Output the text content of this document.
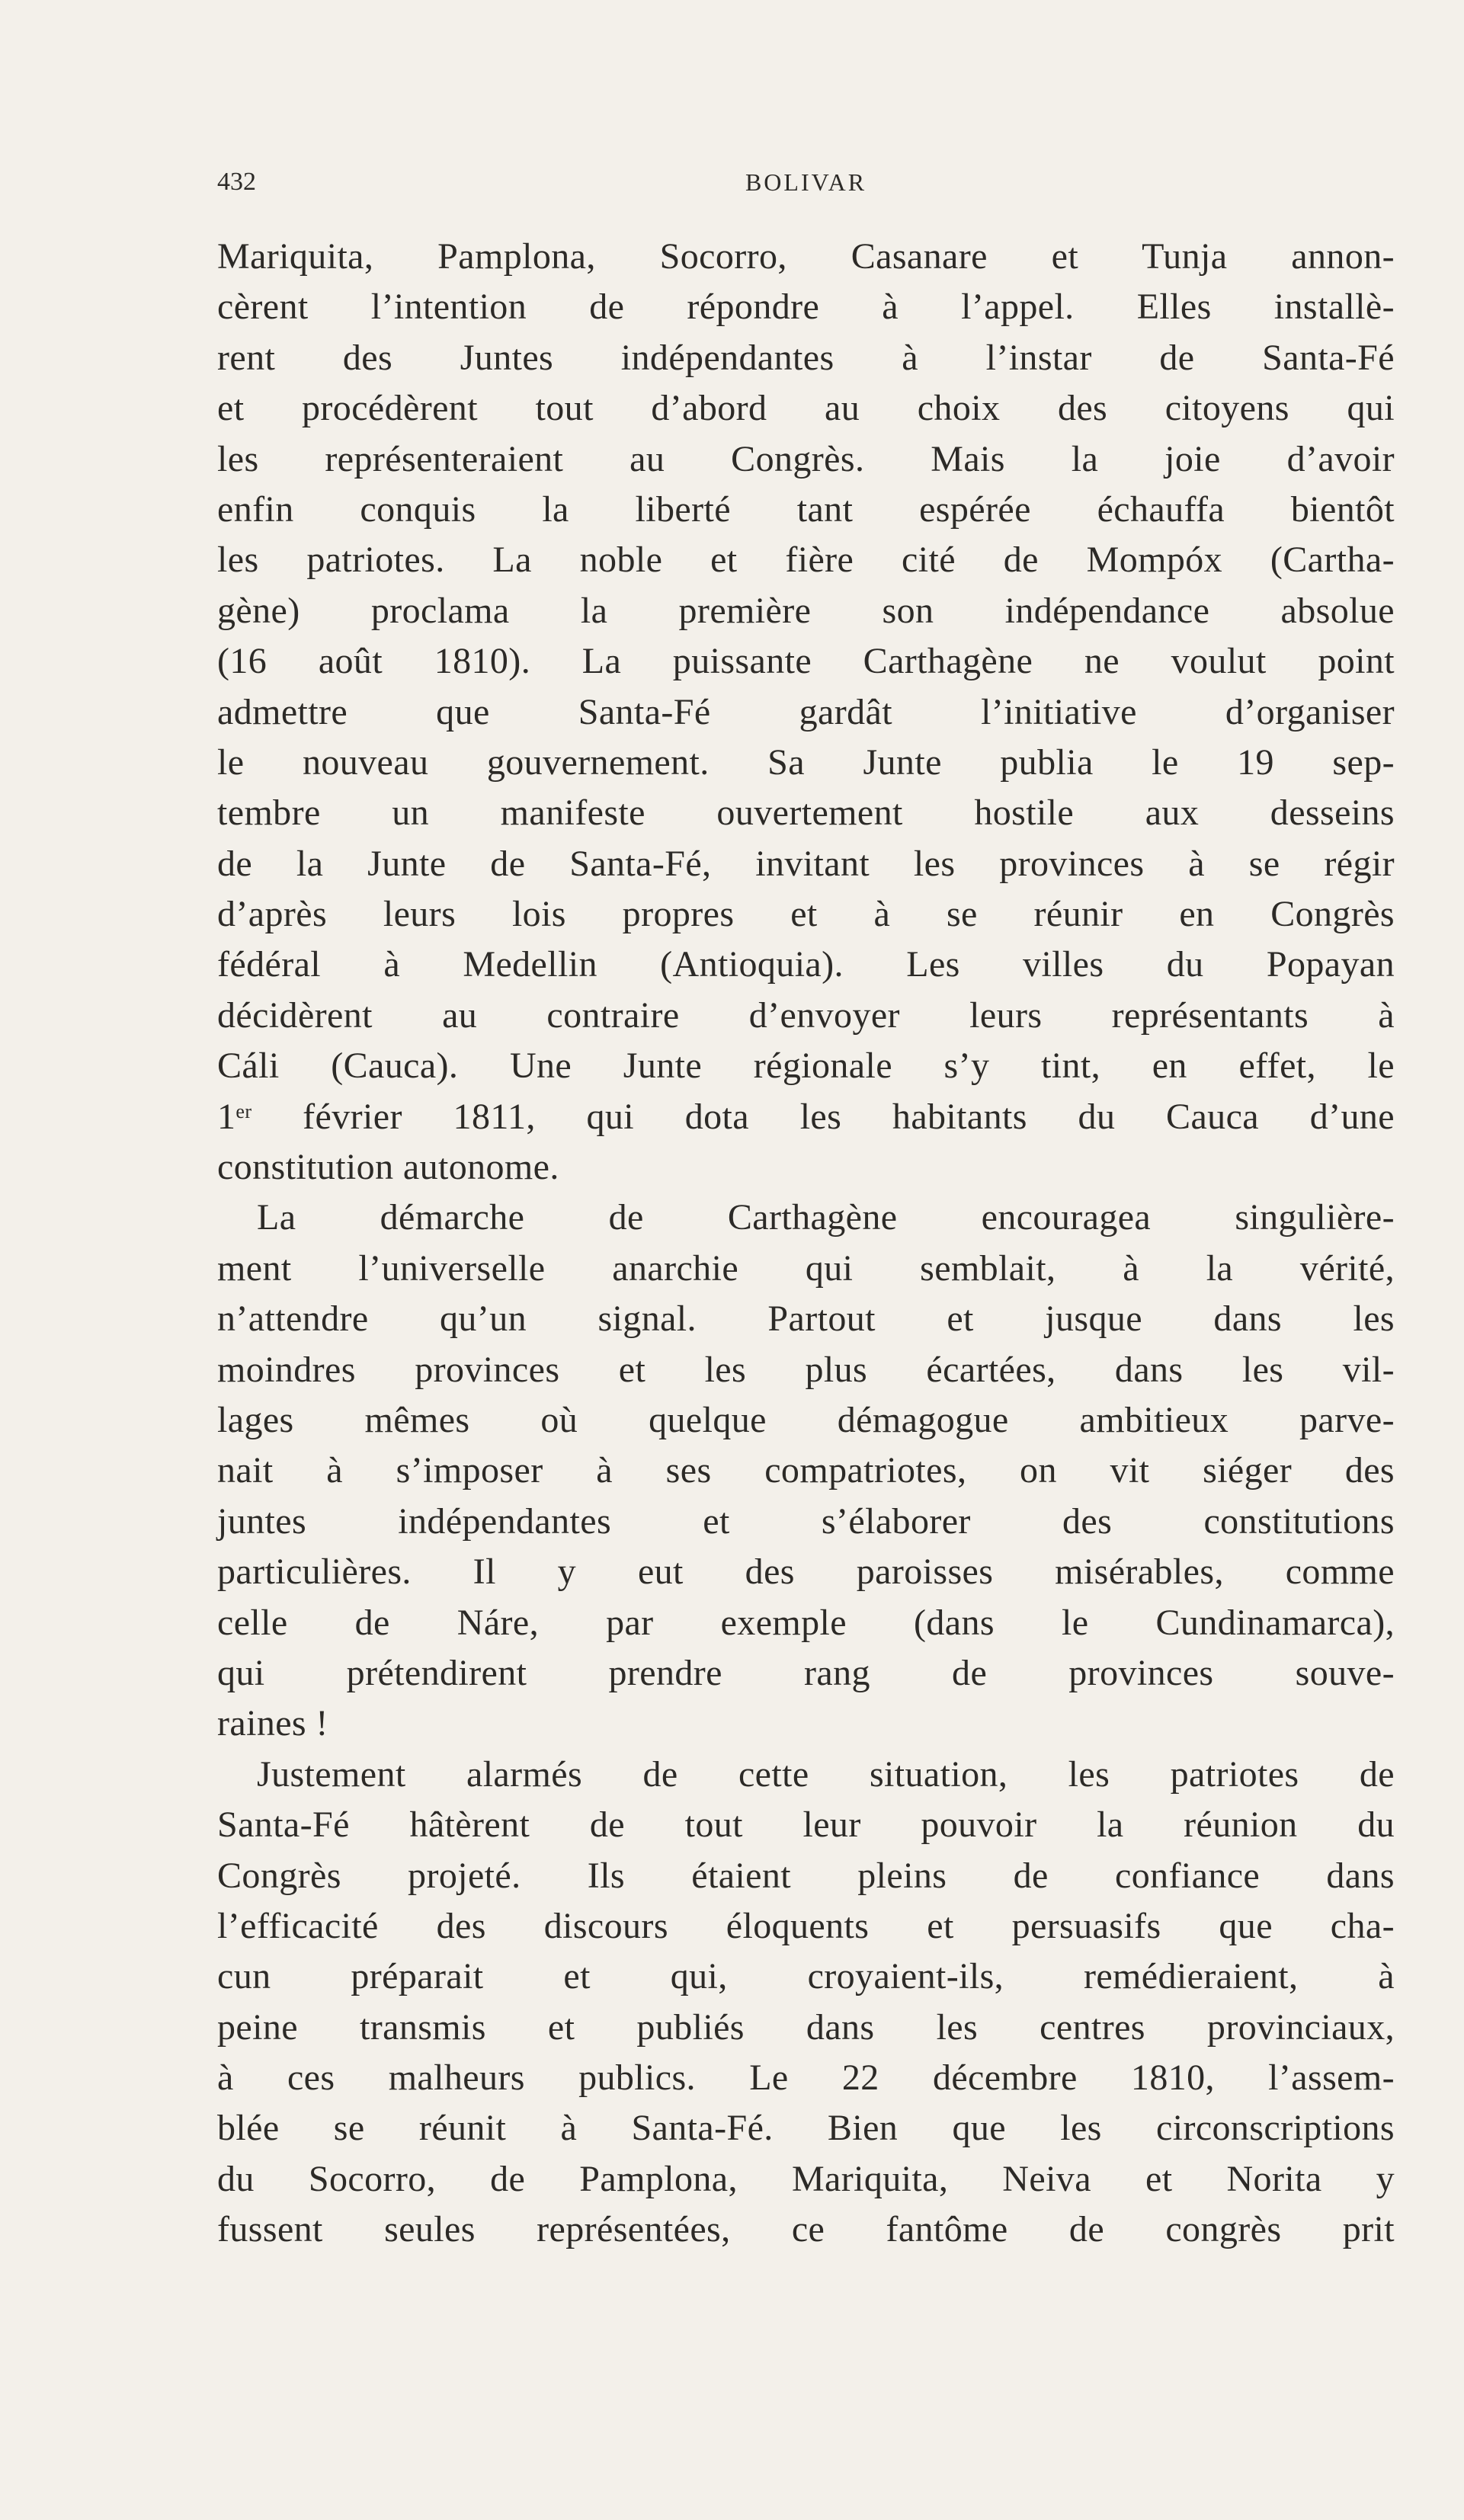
432	BOLIVAR
Mariquita, Pamplona, Socorro, Casanare et Tunja annon-
cèrent l’intention de répondre à l’appel. Elles installè-
rent des Juntes indépendantes à l’instar de Santa-Fé
et procédèrent tout d’abord au choix des citoyens qui
les représenteraient au Congrès. Mais la joie d’avoir
enfin conquis la liberté tant espérée échauffa bientôt
les patriotes. La noble et fière cité de Mompóx (Cartha-
gène) proclama la première son indépendance absolue
(16 août 1810). La puissante Carthagène ne voulut point
admettre que Santa-Fé gardât l’initiative d’organiser
le nouveau gouvernement. Sa Junte publia le 19 sep-
tembre un manifeste ouvertement hostile aux desseins
de la Junte de Santa-Fé, invitant les provinces à se régir
d’après leurs lois propres et à se réunir en Congrès
fédéral à Medellin (Antioquia). Les villes du Popayan
décidèrent au contraire d’envoyer leurs représentants à
Cáli (Cauca). Une Junte régionale s’y tint, en effet, le
1er février 1811, qui dota les habitants du Cauca d’une
constitution autonome.
La démarche de Carthagène encouragea singulière-
ment l’universelle anarchie qui semblait, à la vérité,
n’attendre qu’un signal. Partout et jusque dans les
moindres provinces et les plus écartées, dans les vil-
lages mêmes où quelque démagogue ambitieux parve-
nait à s’imposer à ses compatriotes, on vit siéger des
juntes indépendantes et s’élaborer des constitutions
particulières. Il y eut des paroisses misérables, comme
celle de Náre, par exemple (dans le Cundinamarca),
qui prétendirent prendre rang de provinces souve-
raines !
Justement alarmés de cette situation, les patriotes de
Santa-Fé hâtèrent de tout leur pouvoir la réunion du
Congrès projeté. Ils étaient pleins de confiance dans
l’efficacité des discours éloquents et persuasifs que cha-
cun préparait et qui, croyaient-ils, remédieraient, à
peine transmis et publiés dans les centres provinciaux,
à ces malheurs publics. Le 22 décembre 1810, l’assem-
blée se réunit à Santa-Fé. Bien que les circonscriptions
du Socorro, de Pamplona, Mariquita, Neiva et Norita y
fussent seules représentées, ce fantôme de congrès prit
